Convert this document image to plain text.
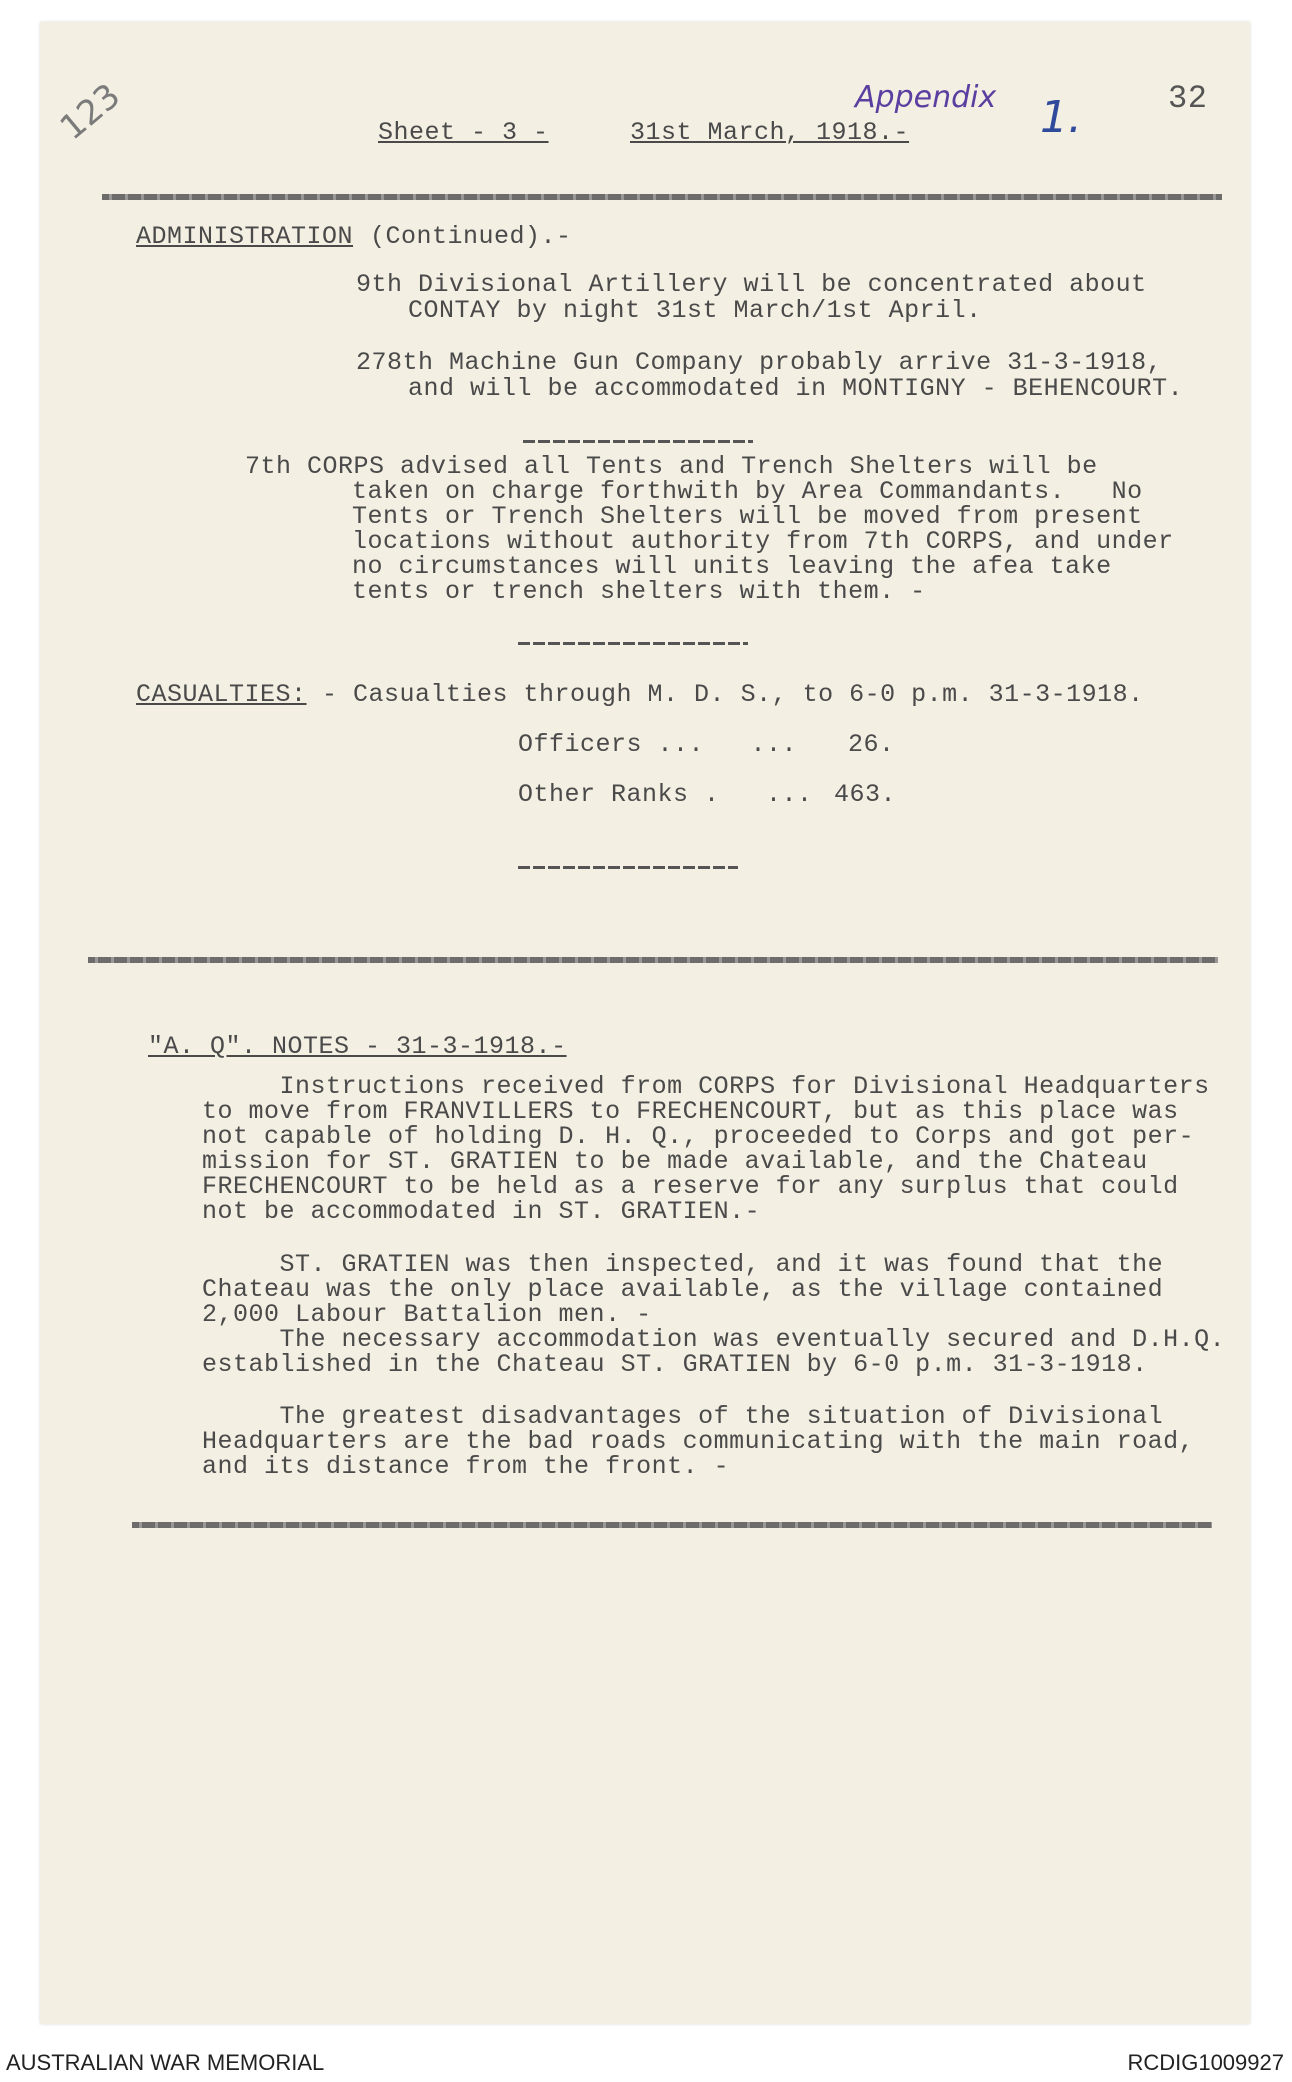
123	Appendix 1.	32
Sheet - 3 -	31st March, 1918.-
ADMINISTRATION (Continued).-
9th Divisional Artillery will be concentrated about
CONTAY by night 31st March/1st April.
278th Machine Gun Company probably arrive 31-3-1918,
and will be accommodated in MONTIGNY - BEHENCOURT.
7th CORPS advised all Tents and Trench Shelters will be
taken on charge forthwith by Area Commandants.   No
Tents or Trench Shelters will be moved from present
locations without authority from 7th CORPS, and under
no circumstances will units leaving the afea take
tents or trench shelters with them. -
CASUALTIES: - Casualties through M. D. S., to 6-0 p.m. 31-3-1918.
Officers ...   ... 26.
Other Ranks .   ... 463.
"A. Q". NOTES - 31-3-1918.-
Instructions received from CORPS for Divisional Headquarters
to move from FRANVILLERS to FRECHENCOURT, but as this place was
not capable of holding D. H. Q., proceeded to Corps and got per-
mission for ST. GRATIEN to be made available, and the Chateau
FRECHENCOURT to be held as a reserve for any surplus that could
not be accommodated in ST. GRATIEN.-
ST. GRATIEN was then inspected, and it was found that the
Chateau was the only place available, as the village contained
2,000 Labour Battalion men. -
The necessary accommodation was eventually secured and D.H.Q.
established in the Chateau ST. GRATIEN by 6-0 p.m. 31-3-1918.
The greatest disadvantages of the situation of Divisional
Headquarters are the bad roads communicating with the main road,
and its distance from the front. -
AUSTRALIAN WAR MEMORIAL	RCDIG1009927
